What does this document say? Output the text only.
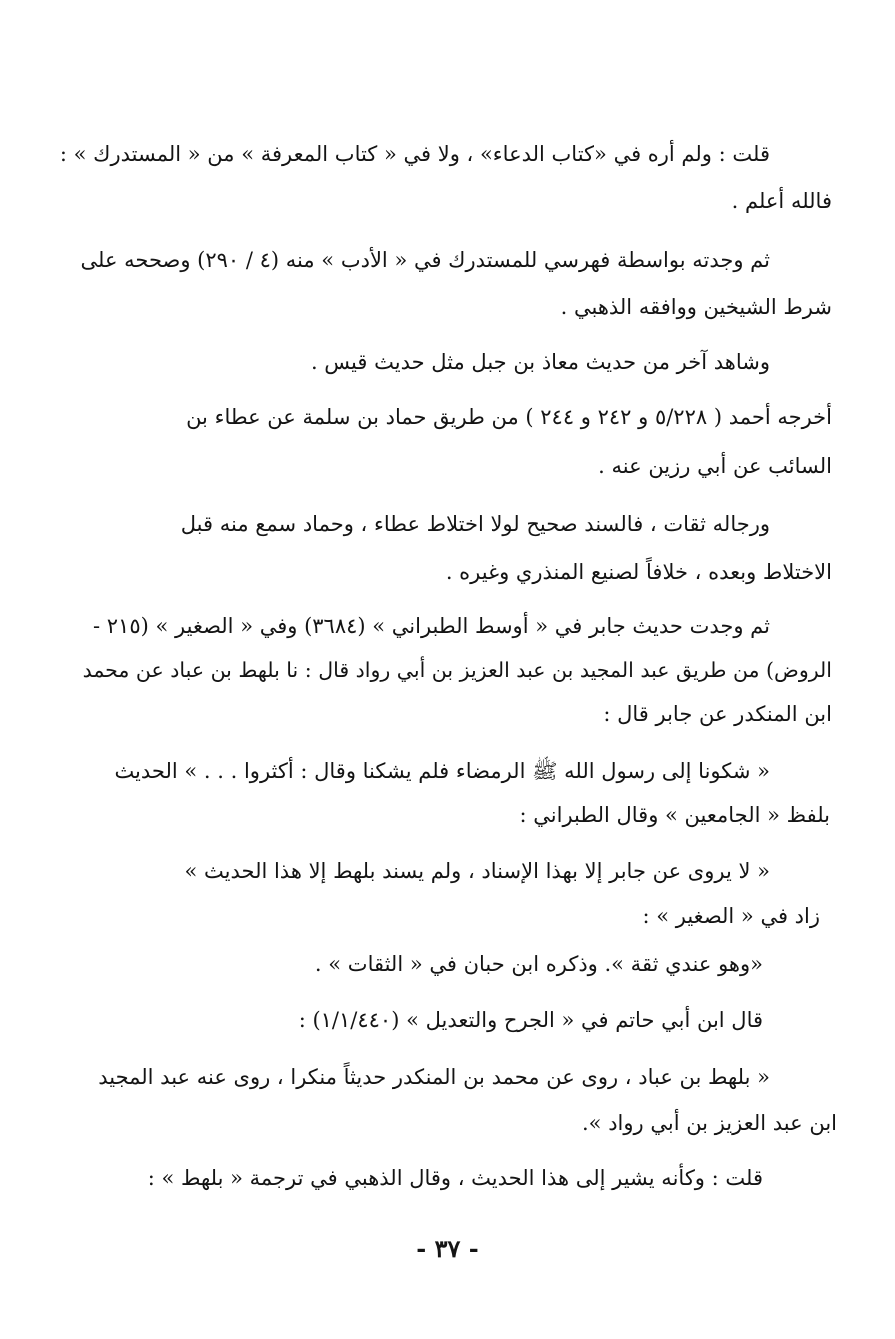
قلت : ولم أره في «كتاب الدعاء» ، ولا في « كتاب المعرفة » من « المستدرك » :
فالله أعلم .
ثم وجدته بواسطة فهرسي للمستدرك في « الأدب » منه (٤ / ٢٩٠) وصححه على
شرط الشيخين ووافقه الذهبي .
وشاهد آخر من حديث معاذ بن جبل مثل حديث قيس .
أخرجه أحمد ( ٥/٢٢٨ و ٢٤٢ و ٢٤٤ ) من طريق حماد بن سلمة عن عطاء بن
السائب عن أبي رزين عنه .
ورجاله ثقات ، فالسند صحيح لولا اختلاط عطاء ، وحماد سمع منه قبل
الاختلاط وبعده ، خلافاً لصنيع المنذري وغيره .
ثم وجدت حديث جابر في « أوسط الطبراني » (٣٦٨٤) وفي « الصغير » (٢١٥ -
الروض) من طريق عبد المجيد بن عبد العزيز بن أبي رواد قال : نا بلهط بن عباد عن محمد
ابن المنكدر عن جابر قال :
« شكونا إلى رسول الله ﷺ الرمضاء فلم يشكنا وقال : أكثروا . . . » الحديث
بلفظ « الجامعين » وقال الطبراني :
« لا يروى عن جابر إلا بهذا الإسناد ، ولم يسند بلهط إلا هذا الحديث »
زاد في « الصغير » :
«وهو عندي ثقة ». وذكره ابن حبان في « الثقات » .
قال ابن أبي حاتم في « الجرح والتعديل » (١/١/٤٤٠) :
« بلهط بن عباد ، روى عن محمد بن المنكدر حديثاً منكرا ، روى عنه عبد المجيد
ابن عبد العزيز بن أبي رواد ».
قلت : وكأنه يشير إلى هذا الحديث ، وقال الذهبي في ترجمة « بلهط » :
- ٣٧ -
